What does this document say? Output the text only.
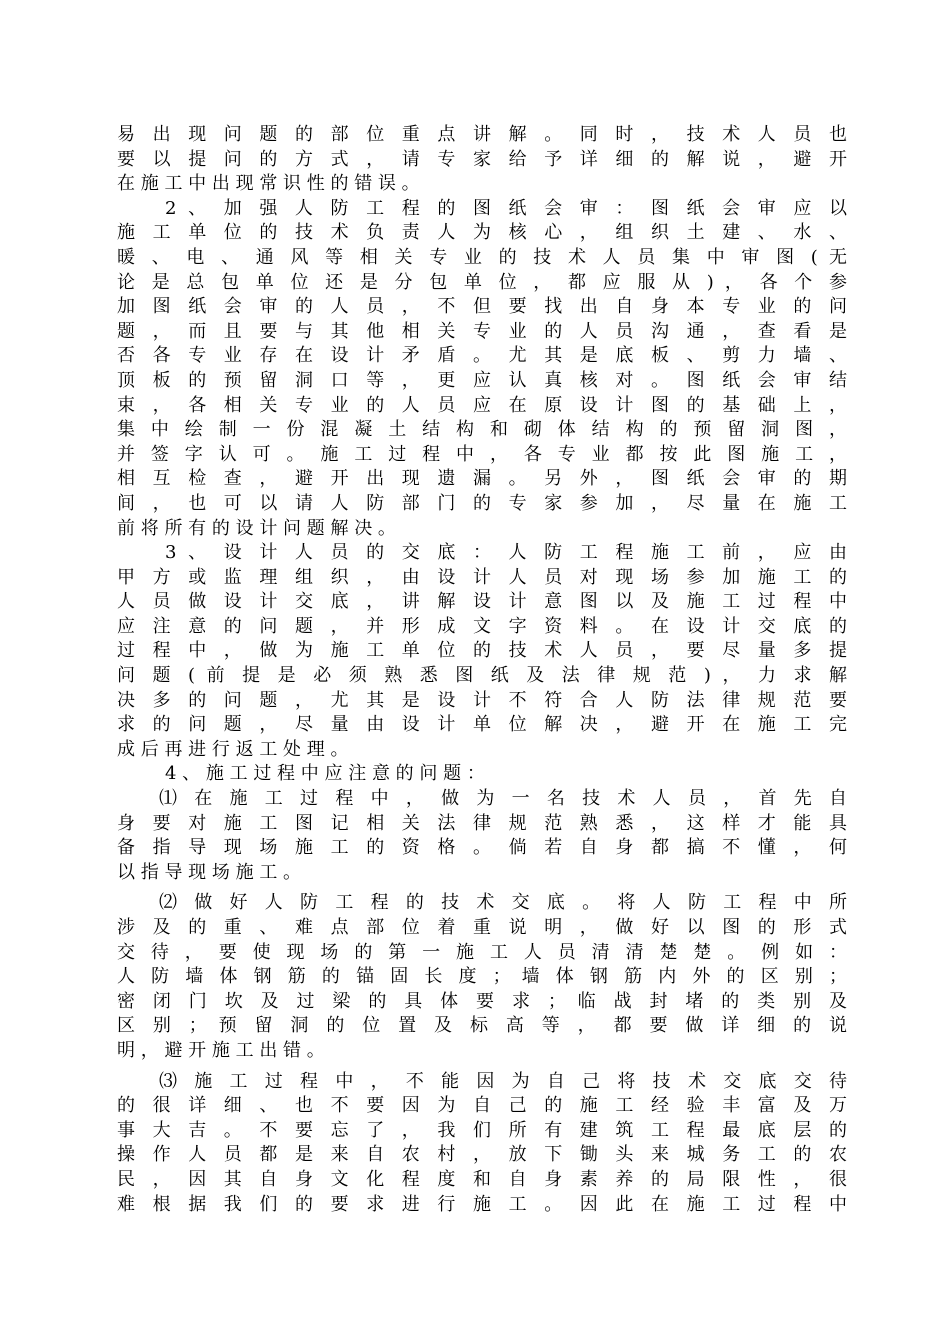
易 出 现 问 题 的 部 位 重 点 讲 解 。 同 时 ， 技 术 人 员 也
要 以 提 问 的 方 式 ， 请 专 家 给 予 详 细 的 解 说 ， 避 开
在 施 工 中 出 现 常 识 性 的 错 误 。
2 、 加 强 人 防 工 程 的 图 纸 会 审 ： 图 纸 会 审 应 以
施 工 单 位 的 技 术 负 责 人 为 核 心 ， 组 织 土 建 、 水 、
暖 、 电 、 通 风 等 相 关 专 业 的 技 术 人 员 集 中 审 图 ( 无
论 是 总 包 单 位 还 是 分 包 单 位 ， 都 应 服 从 ) ， 各 个 参
加 图 纸 会 审 的 人 员 ， 不 但 要 找 出 自 身 本 专 业 的 问
题 ， 而 且 要 与 其 他 相 关 专 业 的 人 员 沟 通 ， 查 看 是
否 各 专 业 存 在 设 计 矛 盾 。 尤 其 是 底 板 、 剪 力 墙 、
顶 板 的 预 留 洞 口 等 ， 更 应 认 真 核 对 。 图 纸 会 审 结
束 ， 各 相 关 专 业 的 人 员 应 在 原 设 计 图 的 基 础 上 ，
集 中 绘 制 一 份 混 凝 土 结 构 和 砌 体 结 构 的 预 留 洞 图 ，
并 签 字 认 可 。 施 工 过 程 中 ， 各 专 业 都 按 此 图 施 工 ，
相 互 检 查 ， 避 开 出 现 遗 漏 。 另 外 ， 图 纸 会 审 的 期
间 ， 也 可 以 请 人 防 部 门 的 专 家 参 加 ， 尽 量 在 施 工
前 将 所 有 的 设 计 问 题 解 决 。
3 、 设 计 人 员 的 交 底 ： 人 防 工 程 施 工 前 ， 应 由
甲 方 或 监 理 组 织 ， 由 设 计 人 员 对 现 场 参 加 施 工 的
人 员 做 设 计 交 底 ， 讲 解 设 计 意 图 以 及 施 工 过 程 中
应 注 意 的 问 题 ， 并 形 成 文 字 资 料 。 在 设 计 交 底 的
过 程 中 ， 做 为 施 工 单 位 的 技 术 人 员 ， 要 尽 量 多 提
问 题 ( 前 提 是 必 须 熟 悉 图 纸 及 法 律 规 范 ) ， 力 求 解
决 多 的 问 题 ， 尤 其 是 设 计 不 符 合 人 防 法 律 规 范 要
求 的 问 题 ， 尽 量 由 设 计 单 位 解 决 ， 避 开 在 施 工 完
成 后 再 进 行 返 工 处 理 。
4 、 施 工 过 程 中 应 注 意 的 问 题 ：
⑴ 在 施 工 过 程 中 ， 做 为 一 名 技 术 人 员 ， 首 先 自
身 要 对 施 工 图 记 相 关 法 律 规 范 熟 悉 ， 这 样 才 能 具
备 指 导 现 场 施 工 的 资 格 。 倘 若 自 身 都 搞 不 懂 ， 何
以 指 导 现 场 施 工 。
⑵ 做 好 人 防 工 程 的 技 术 交 底 。 将 人 防 工 程 中 所
涉 及 的 重 、 难 点 部 位 着 重 说 明 ， 做 好 以 图 的 形 式
交 待 ， 要 使 现 场 的 第 一 施 工 人 员 清 清 楚 楚 。 例 如 ：
人 防 墙 体 钢 筋 的 锚 固 长 度 ； 墙 体 钢 筋 内 外 的 区 别 ；
密 闭 门 坎 及 过 梁 的 具 体 要 求 ； 临 战 封 堵 的 类 别 及
区 别 ； 预 留 洞 的 位 置 及 标 高 等 ， 都 要 做 详 细 的 说
明 ， 避 开 施 工 出 错 。
⑶ 施 工 过 程 中 ， 不 能 因 为 自 己 将 技 术 交 底 交 待
的 很 详 细 、 也 不 要 因 为 自 己 的 施 工 经 验 丰 富 及 万
事 大 吉 。 不 要 忘 了 ， 我 们 所 有 建 筑 工 程 最 底 层 的
操 作 人 员 都 是 来 自 农 村 ， 放 下 锄 头 来 城 务 工 的 农
民 ， 因 其 自 身 文 化 程 度 和 自 身 素 养 的 局 限 性 ， 很
难 根 据 我 们 的 要 求 进 行 施 工 。 因 此 在 施 工 过 程 中
